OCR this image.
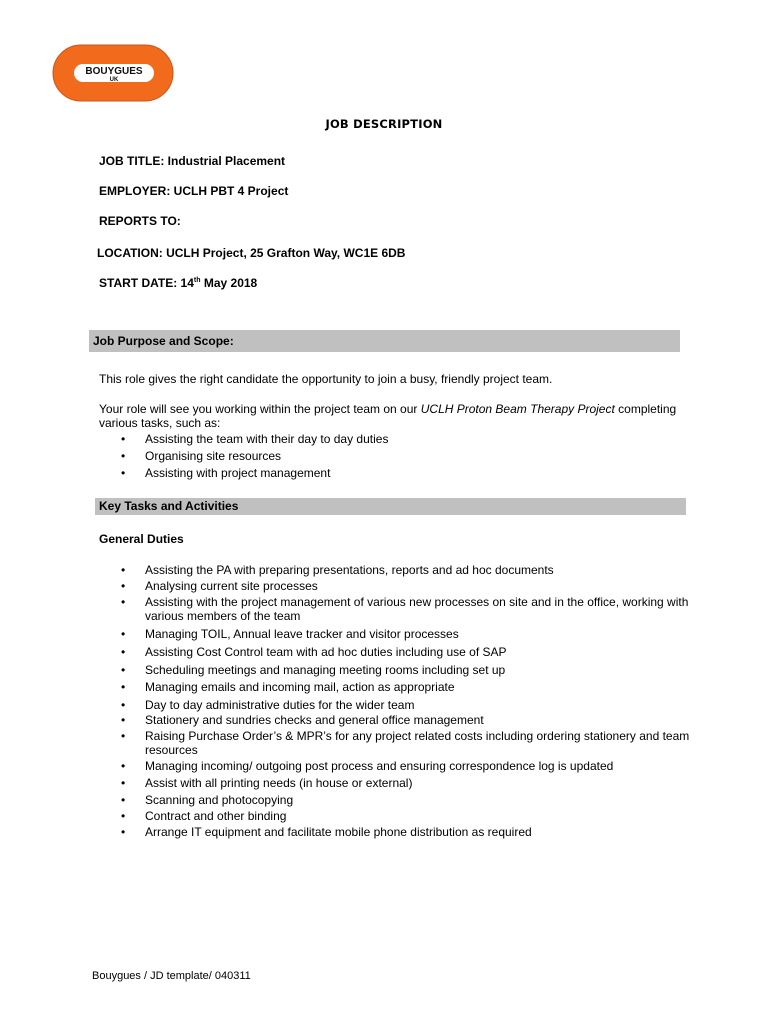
BOUYGUES
UK
JOB DESCRIPTION
JOB TITLE: Industrial Placement
EMPLOYER: UCLH PBT 4 Project
REPORTS TO:
LOCATION: UCLH Project, 25 Grafton Way, WC1E 6DB
START DATE: 14th May 2018
Job Purpose and Scope:
This role gives the right candidate the opportunity to join a busy, friendly project team.
Your role will see you working within the project team on our UCLH Proton Beam Therapy Project completing
various tasks, such as:
• Assisting the team with their day to day duties
• Organising site resources
• Assisting with project management
Key Tasks and Activities
General Duties
• Assisting the PA with preparing presentations, reports and ad hoc documents
• Analysing current site processes
• Assisting with the project management of various new processes on site and in the office, working with various members of the team
• Managing TOIL, Annual leave tracker and visitor processes
• Assisting Cost Control team with ad hoc duties including use of SAP
• Scheduling meetings and managing meeting rooms including set up
• Managing emails and incoming mail, action as appropriate
• Day to day administrative duties for the wider team
• Stationery and sundries checks and general office management
• Raising Purchase Order’s & MPR’s for any project related costs including ordering stationery and team resources
• Managing incoming/ outgoing post process and ensuring correspondence log is updated
• Assist with all printing needs (in house or external)
• Scanning and photocopying
• Contract and other binding
• Arrange IT equipment and facilitate mobile phone distribution as required
Bouygues / JD template/ 040311
